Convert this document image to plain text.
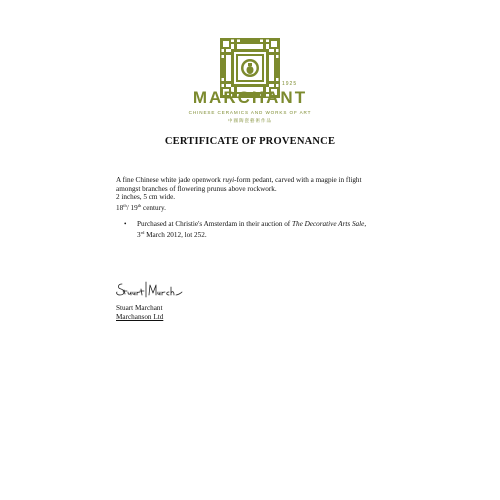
1925
MARCHANT
CHINESE CERAMICS AND WORKS OF ART
中國陶瓷藝術作品
CERTIFICATE OF PROVENANCE

A fine Chinese white jade openwork ruyi-form pedant, carved with a magpie in flight amongst branches of flowering prunus above rockwork.

2 inches, 5 cm wide.

18th/ 19th century.

• Purchased at Christie's Amsterdam in their auction of The Decorative Arts Sale,
3rd March 2012, lot 252.
Stuart Marchant
Marchanson Ltd
